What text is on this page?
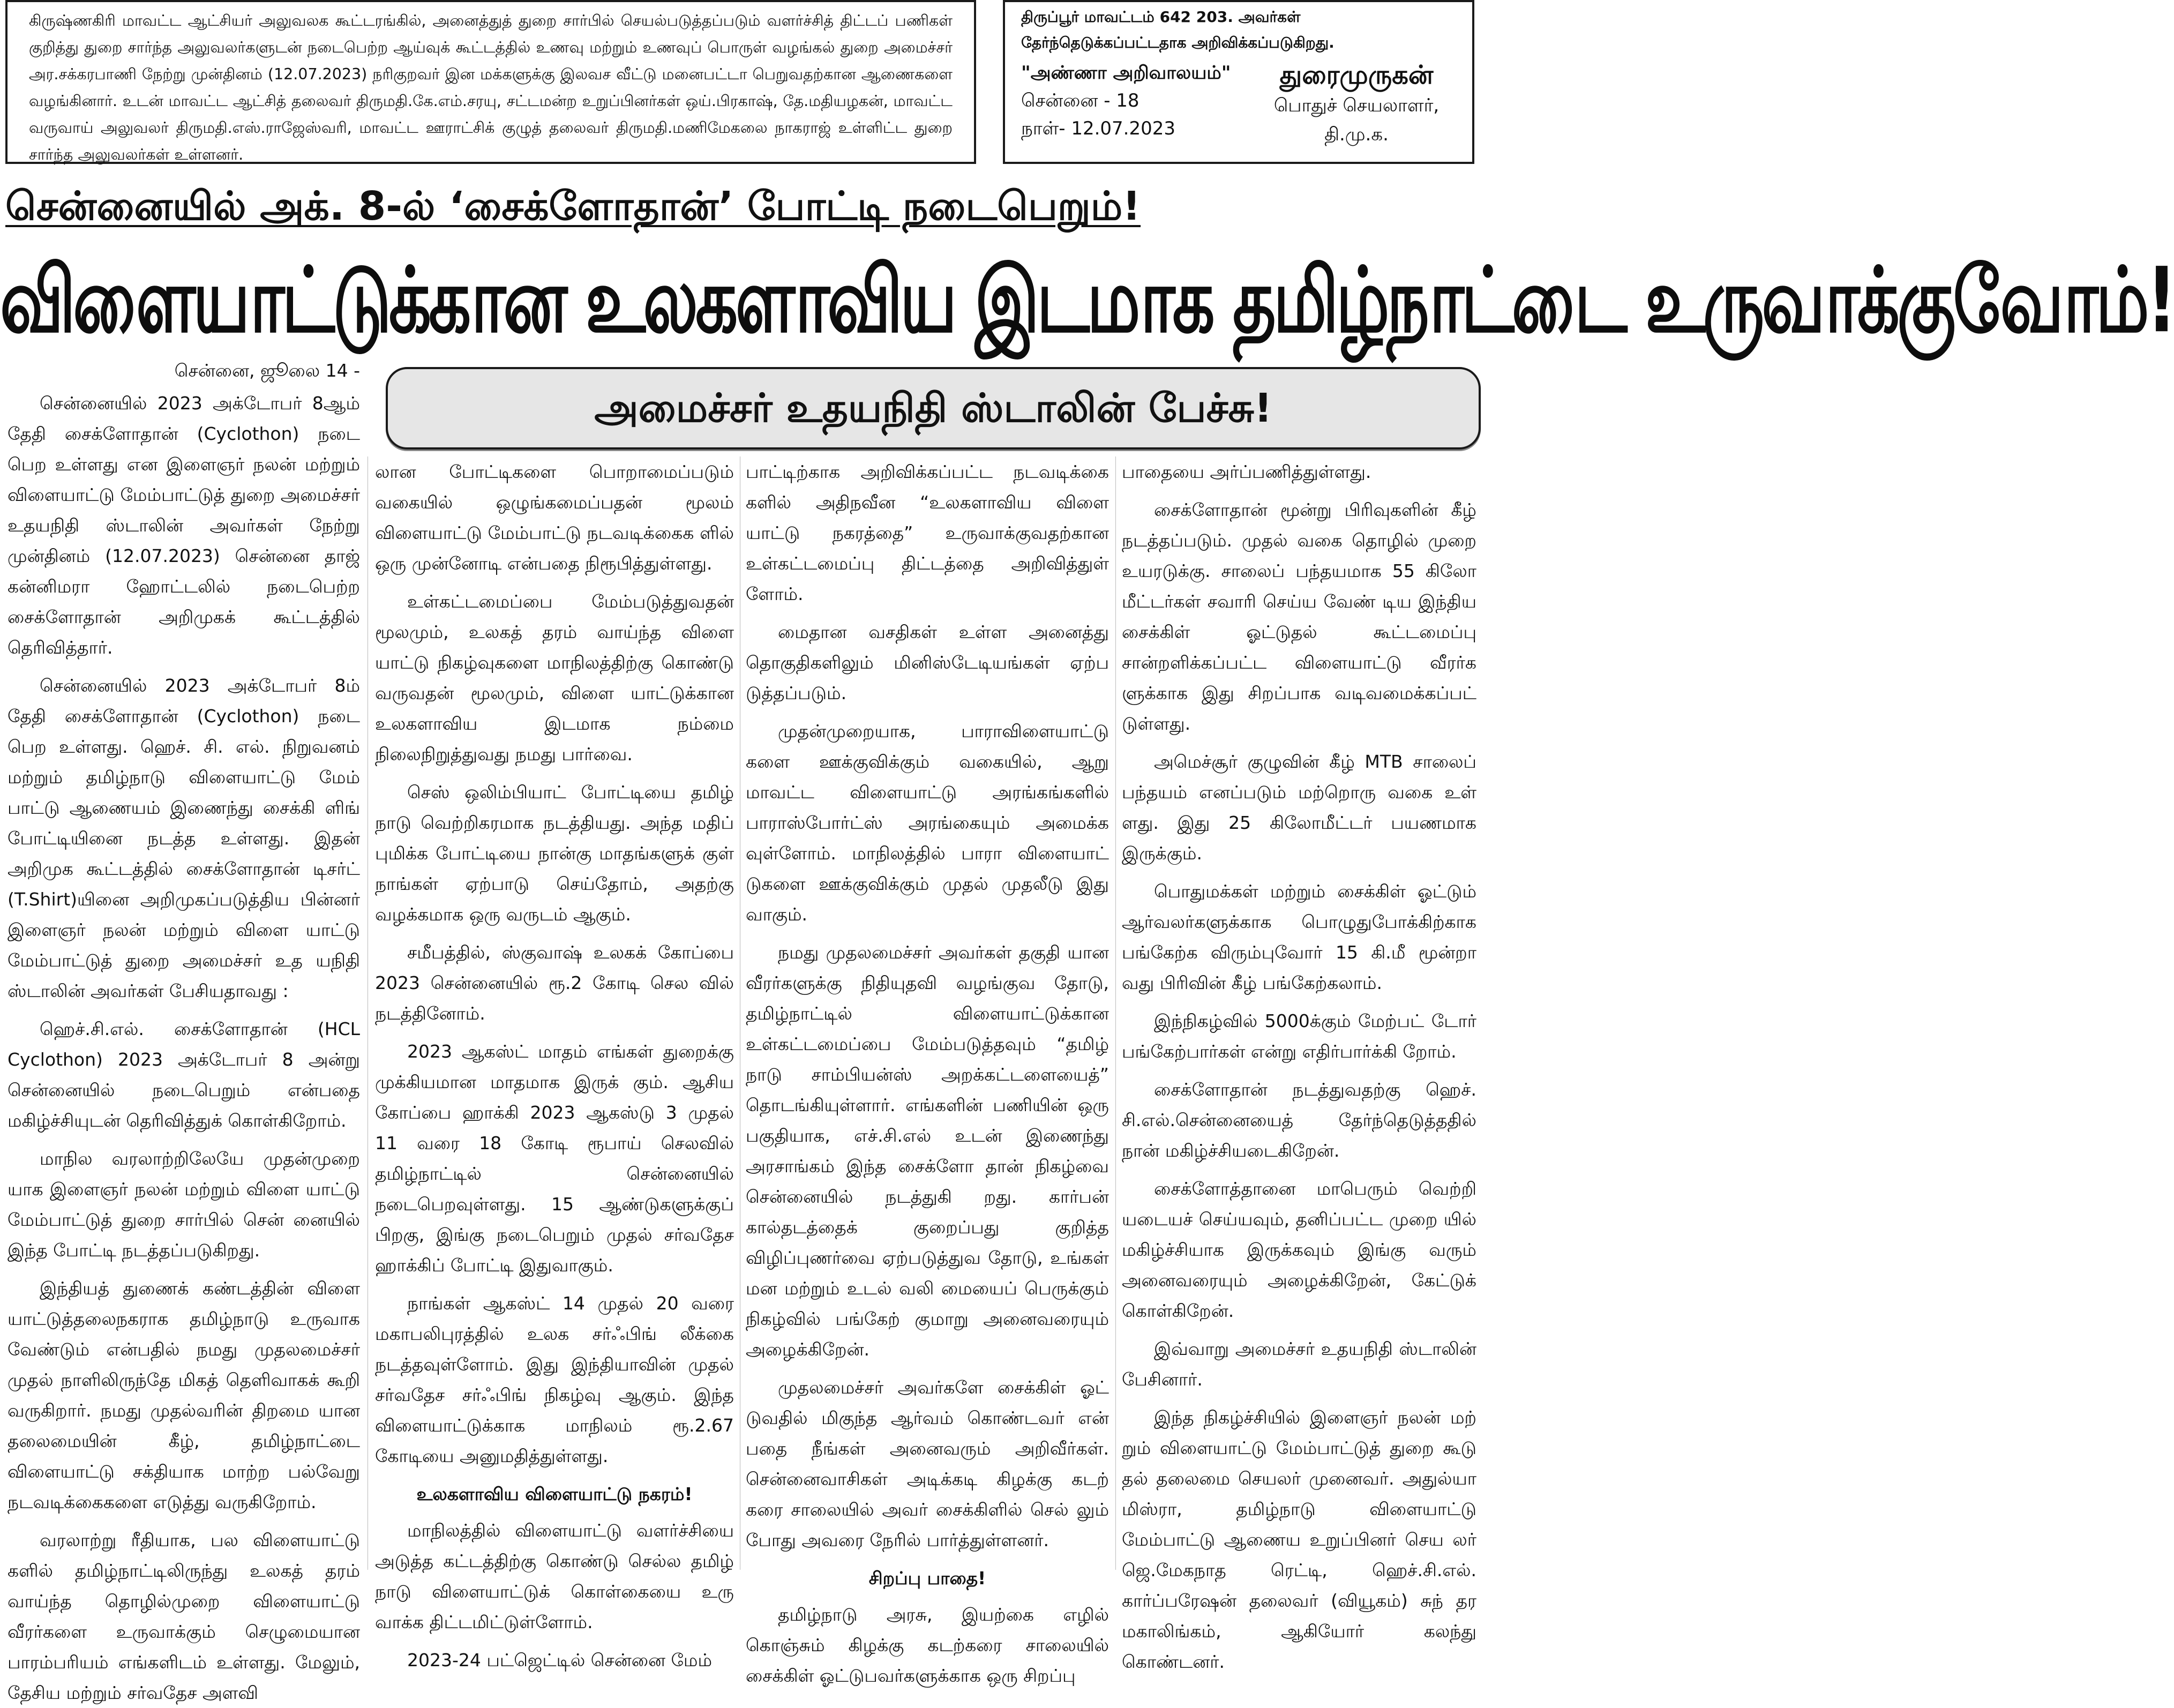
கிருஷ்ணகிரி மாவட்ட ஆட்சியர் அலுவலக கூட்டரங்கில், அனைத்துத் துறை சார்பில் செயல்படுத்தப்படும் வளர்ச்சித் திட்டப் பணிகள் குறித்து துறை சார்ந்த அலுவலர்களுடன் நடைபெற்ற ஆய்வுக் கூட்டத்தில் உணவு மற்றும் உணவுப் பொருள் வழங்கல் துறை அமைச்சர் அர.சக்கரபாணி நேற்று முன்தினம் (12.07.2023) நரிகுறவர் இன மக்களுக்கு இலவச வீட்டு மனைபட்டா பெறுவதற்கான ஆணைகளை வழங்கினார். உடன் மாவட்ட ஆட்சித் தலைவர் திருமதி.கே.எம்.சரயு, சட்டமன்ற உறுப்பினர்கள் ஒய்.பிரகாஷ், தே.மதியழகன், மாவட்ட வருவாய் அலுவலர் திருமதி.எஸ்.ராஜேஸ்வரி, மாவட்ட ஊராட்சிக் குழுத் தலைவர் திருமதி.மணிமேகலை நாகராஜ் உள்ளிட்ட துறை சார்ந்த அலுவலர்கள் உள்ளனர்.

திருப்பூர் மாவட்டம் 642 203. அவர்கள் தேர்ந்தெடுக்கப்பட்டதாக அறிவிக்கப்படுகிறது.
"அண்ணா அறிவாலயம்"
சென்னை - 18
நாள்- 12.07.2023
துரைமுருகன்
பொதுச் செயலாளர்,
தி.மு.க.
சென்னையில் அக். 8-ல் ‘சைக்ளோதான்’ போட்டி நடைபெறும்!
விளையாட்டுக்கான உலகளாவிய இடமாக தமிழ்நாட்டை உருவாக்குவோம்!
அமைச்சர் உதயநிதி ஸ்டாலின் பேச்சு!

சென்னை, ஜூலை 14 -

சென்னையில் 2023 அக்டோபர் 8ஆம் தேதி சைக்ளோதான் (Cyclothon) நடை பெற உள்ளது என இளைஞர் நலன் மற்றும் விளையாட்டு மேம்பாட்டுத் துறை அமைச்சர் உதயநிதி ஸ்டாலின் அவர்கள் நேற்று முன்தினம் (12.07.2023) சென்னை தாஜ் கன்னிமரா ஹோட்டலில் நடைபெற்ற சைக்ளோதான் அறிமுகக் கூட்டத்தில் தெரிவித்தார்.

சென்னையில் 2023 அக்டோபர் 8ம் தேதி சைக்ளோதான் (Cyclothon) நடை பெற உள்ளது. ஹெச். சி. எல். நிறுவனம் மற்றும் தமிழ்நாடு விளையாட்டு மேம் பாட்டு ஆணையம் இணைந்து சைக்கி ளிங் போட்டியினை நடத்த உள்ளது. இதன் அறிமுக கூட்டத்தில் சைக்ளோதான் டிசர்ட் (T.Shirt)யினை அறிமுகப்படுத்திய பின்னர் இளைஞர் நலன் மற்றும் விளை யாட்டு மேம்பாட்டுத் துறை அமைச்சர் உத யநிதி ஸ்டாலின் அவர்கள் பேசியதாவது :

ஹெச்.சி.எல். சைக்ளோதான் (HCL Cyclothon) 2023 அக்டோபர் 8 அன்று சென்னையில் நடைபெறும் என்பதை மகிழ்ச்சியுடன் தெரிவித்துக் கொள்கிறோம்.

மாநில வரலாற்றிலேயே முதன்முறை யாக இளைஞர் நலன் மற்றும் விளை யாட்டு மேம்பாட்டுத் துறை சார்பில் சென் னையில் இந்த போட்டி நடத்தப்படுகிறது.

இந்தியத் துணைக் கண்டத்தின் விளை யாட்டுத்தலைநகராக தமிழ்நாடு உருவாக வேண்டும் என்பதில் நமது முதலமைச்சர் முதல் நாளிலிருந்தே மிகத் தெளிவாகக் கூறி வருகிறார். நமது முதல்வரின் திறமை யான தலைமையின் கீழ், தமிழ்நாட்டை விளையாட்டு சக்தியாக மாற்ற பல்வேறு நடவடிக்கைகளை எடுத்து வருகிறோம்.

வரலாற்று ரீதியாக, பல விளையாட்டு களில் தமிழ்நாட்டிலிருந்து உலகத் தரம் வாய்ந்த தொழில்முறை விளையாட்டு வீரர்களை உருவாக்கும் செழுமையான பாரம்பரியம் எங்களிடம் உள்ளது. மேலும், தேசிய மற்றும் சர்வதேச அளவி

லான போட்டிகளை பொறாமைப்படும் வகையில் ஒழுங்கமைப்பதன் மூலம் விளையாட்டு மேம்பாட்டு நடவடிக்கைக ளில் ஒரு முன்னோடி என்பதை நிரூபித்துள்ளது.

உள்கட்டமைப்பை மேம்படுத்துவதன் மூலமும், உலகத் தரம் வாய்ந்த விளை யாட்டு நிகழ்வுகளை மாநிலத்திற்கு கொண்டு வருவதன் மூலமும், விளை யாட்டுக்கான உலகளாவிய இடமாக நம்மை நிலைநிறுத்துவது நமது பார்வை.

செஸ் ஒலிம்பியாட் போட்டியை தமிழ் நாடு வெற்றிகரமாக நடத்தியது. அந்த மதிப் புமிக்க போட்டியை நான்கு மாதங்களுக் குள் நாங்கள் ஏற்பாடு செய்தோம், அதற்கு வழக்கமாக ஒரு வருடம் ஆகும்.

சமீபத்தில், ஸ்குவாஷ் உலகக் கோப்பை 2023 சென்னையில் ரூ.2 கோடி செல வில் நடத்தினோம்.

2023 ஆகஸ்ட் மாதம் எங்கள் துறைக்கு முக்கியமான மாதமாக இருக் கும். ஆசிய கோப்பை ஹாக்கி 2023 ஆகஸ்டு 3 முதல் 11 வரை 18 கோடி ரூபாய் செலவில் தமிழ்நாட்டில் சென்னையில் நடைபெறவுள்ளது. 15 ஆண்டுகளுக்குப் பிறகு, இங்கு நடைபெறும் முதல் சர்வதேச ஹாக்கிப் போட்டி இதுவாகும்.

நாங்கள் ஆகஸ்ட் 14 முதல் 20 வரை மகாபலிபுரத்தில் உலக சர்ஃபிங் லீக்கை நடத்தவுள்ளோம். இது இந்தியாவின் முதல் சர்வதேச சர்ஃபிங் நிகழ்வு ஆகும். இந்த விளையாட்டுக்காக மாநிலம் ரூ.2.67 கோடியை அனுமதித்துள்ளது.

உலகளாவிய விளையாட்டு நகரம்!

மாநிலத்தில் விளையாட்டு வளர்ச்சியை அடுத்த கட்டத்திற்கு கொண்டு செல்ல தமிழ் நாடு விளையாட்டுக் கொள்கையை உரு வாக்க திட்டமிட்டுள்ளோம்.

2023-24 பட்ஜெட்டில் சென்னை மேம்

பாட்டிற்காக அறிவிக்கப்பட்ட நடவடிக்கை களில் அதிநவீன “உலகளாவிய விளை யாட்டு நகரத்தை” உருவாக்குவதற்கான உள்கட்டமைப்பு திட்டத்தை அறிவித்துள் ளோம்.

மைதான வசதிகள் உள்ள அனைத்து தொகுதிகளிலும் மினிஸ்டேடியங்கள் ஏற்ப டுத்தப்படும்.

முதன்முறையாக, பாராவிளையாட்டு களை ஊக்குவிக்கும் வகையில், ஆறு மாவட்ட விளையாட்டு அரங்கங்களில் பாராஸ்போர்ட்ஸ் அரங்கையும் அமைக்க வுள்ளோம். மாநிலத்தில் பாரா விளையாட் டுகளை ஊக்குவிக்கும் முதல் முதலீடு இது வாகும்.

நமது முதலமைச்சர் அவர்கள் தகுதி யான வீரர்களுக்கு நிதியுதவி வழங்குவ தோடு, தமிழ்நாட்டில் விளையாட்டுக்கான உள்கட்டமைப்பை மேம்படுத்தவும் “தமிழ் நாடு சாம்பியன்ஸ் அறக்கட்டளையைத்” தொடங்கியுள்ளார். எங்களின் பணியின் ஒரு பகுதியாக, எச்.சி.எல் உடன் இணைந்து அரசாங்கம் இந்த சைக்ளோ தான் நிகழ்வை சென்னையில் நடத்துகி றது. கார்பன் கால்தடத்தைக் குறைப்பது குறித்த விழிப்புணர்வை ஏற்படுத்துவ தோடு, உங்கள் மன மற்றும் உடல் வலி மையைப் பெருக்கும் நிகழ்வில் பங்கேற் குமாறு அனைவரையும் அழைக்கிறேன்.

முதலமைச்சர் அவர்களே சைக்கிள் ஓட் டுவதில் மிகுந்த ஆர்வம் கொண்டவர் என் பதை நீங்கள் அனைவரும் அறிவீர்கள். சென்னைவாசிகள் அடிக்கடி கிழக்கு கடற் கரை சாலையில் அவர் சைக்கிளில் செல் லும் போது அவரை நேரில் பார்த்துள்ளனர்.

சிறப்பு பாதை!

தமிழ்நாடு அரசு, இயற்கை எழில் கொஞ்சும் கிழக்கு கடற்கரை சாலையில் சைக்கிள் ஓட்டுபவர்களுக்காக ஒரு சிறப்பு

பாதையை அர்ப்பணித்துள்ளது.

சைக்ளோதான் மூன்று பிரிவுகளின் கீழ் நடத்தப்படும். முதல் வகை தொழில் முறை உயரடுக்கு. சாலைப் பந்தயமாக 55 கிலோ மீட்டர்கள் சவாரி செய்ய வேண் டிய இந்திய சைக்கிள் ஓட்டுதல் கூட்டமைப்பு சான்றளிக்கப்பட்ட விளையாட்டு வீரர்க ளுக்காக இது சிறப்பாக வடிவமைக்கப்பட் டுள்ளது.

அமெச்சூர் குழுவின் கீழ் MTB சாலைப் பந்தயம் எனப்படும் மற்றொரு வகை உள் ளது. இது 25 கிலோமீட்டர் பயணமாக இருக்கும்.

பொதுமக்கள் மற்றும் சைக்கிள் ஓட்டும் ஆர்வலர்களுக்காக பொழுதுபோக்கிற்காக பங்கேற்க விரும்புவோர் 15 கி.மீ மூன்றா வது பிரிவின் கீழ் பங்கேற்கலாம்.

இந்நிகழ்வில் 5000க்கும் மேற்பட் டோர் பங்கேற்பார்கள் என்று எதிர்பார்க்கி றோம்.

சைக்ளோதான் நடத்துவதற்கு ஹெச். சி.எல்.சென்னையைத் தேர்ந்தெடுத்ததில் நான் மகிழ்ச்சியடைகிறேன்.

சைக்ளோத்தானை மாபெரும் வெற்றி யடையச் செய்யவும், தனிப்பட்ட முறை யில் மகிழ்ச்சியாக இருக்கவும் இங்கு வரும் அனைவரையும் அழைக்கிறேன், கேட்டுக் கொள்கிறேன்.

இவ்வாறு அமைச்சர் உதயநிதி ஸ்டாலின் பேசினார்.

இந்த நிகழ்ச்சியில் இளைஞர் நலன் மற் றும் விளையாட்டு மேம்பாட்டுத் துறை கூடு தல் தலைமை செயலர் முனைவர். அதுல்யா மிஸ்ரா, தமிழ்நாடு விளையாட்டு மேம்பாட்டு ஆணைய உறுப்பினர் செய லர் ஜெ.மேகநாத ரெட்டி, ஹெச்.சி.எல். கார்ப்பரேஷன் தலைவர் (வியூகம்) சுந் தர மகாலிங்கம், ஆகியோர் கலந்து கொண்டனர்.
